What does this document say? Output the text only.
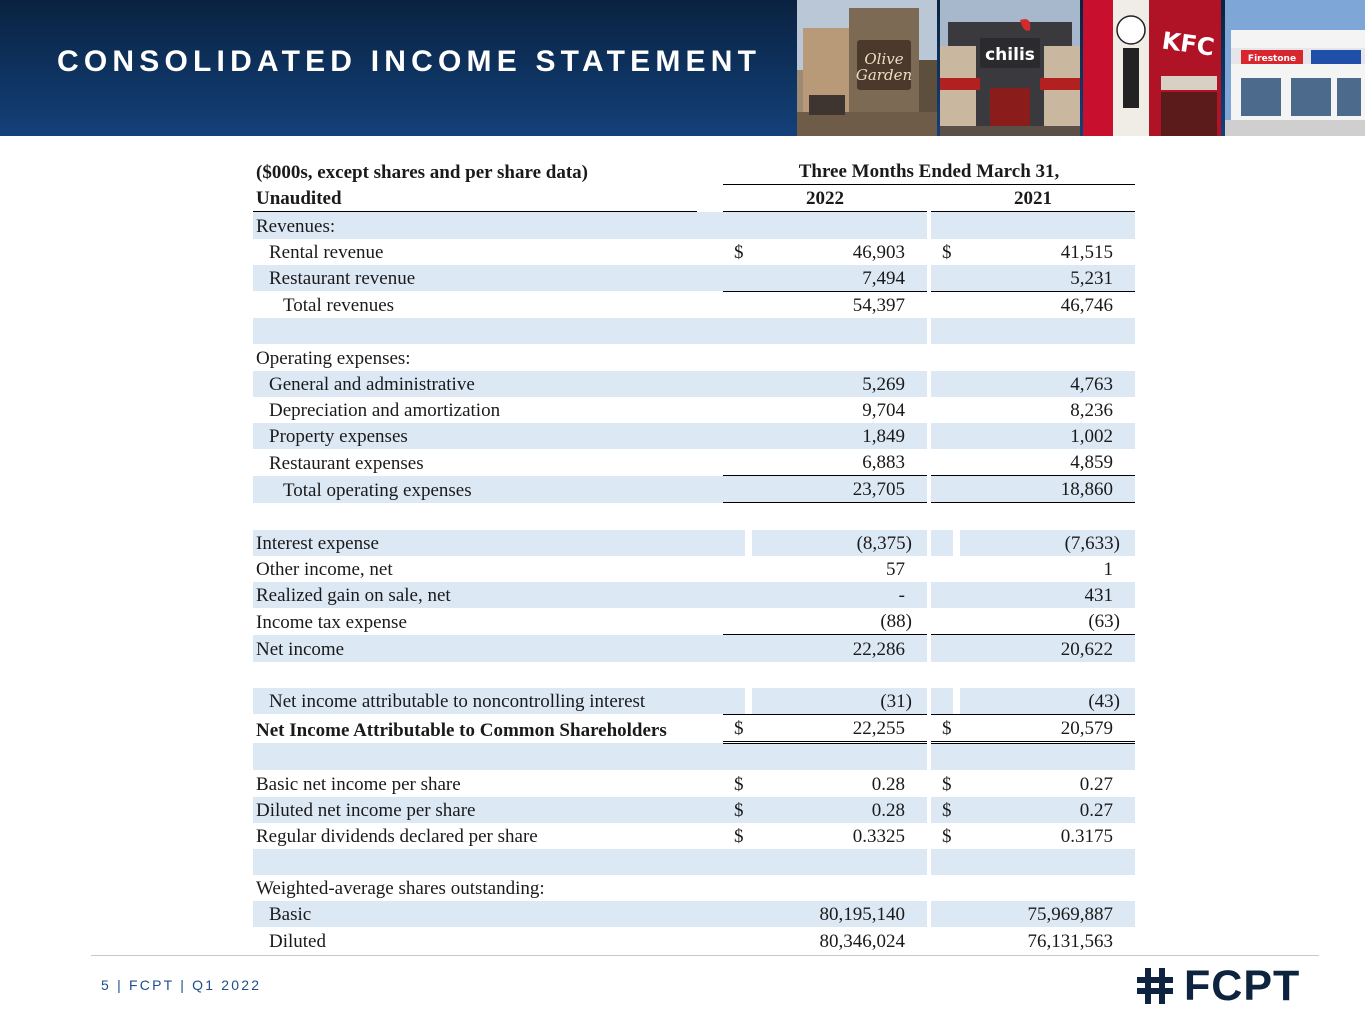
CONSOLIDATED INCOME STATEMENT	Olive
Garden
chilis	KFC	Firestone
($000s, except shares and per share data)		Three Months Ended March 31,
Unaudited		2022		2021
Revenues:								
Rental revenue		$	46,903			$	41,515	
Restaurant revenue			7,494				5,231	
Total revenues			54,397				46,746	

Operating expenses:								
General and administrative			5,269				4,763	
Depreciation and amortization			9,704				8,236	
Property expenses			1,849				1,002	
Restaurant expenses			6,883				4,859	
Total operating expenses			23,705				18,860	

Interest expense			(8,375)				(7,633)	
Other income, net			57				1	
Realized gain on sale, net			-				431	
Income tax expense			(88)				(63)	
Net income			22,286				20,622	

Net income attributable to noncontrolling interest			(31)				(43)	
Net Income Attributable to Common Shareholders		$	22,255			$	20,579	

Basic net income per share		$	0.28			$	0.27	
Diluted net income per share		$	0.28			$	0.27	
Regular dividends declared per share		$	0.3325			$	0.3175	

Weighted-average shares outstanding:								
Basic			80,195,140				75,969,887	
Diluted			80,346,024				76,131,563	
5 | FCPT | Q1 2022	FCPT
